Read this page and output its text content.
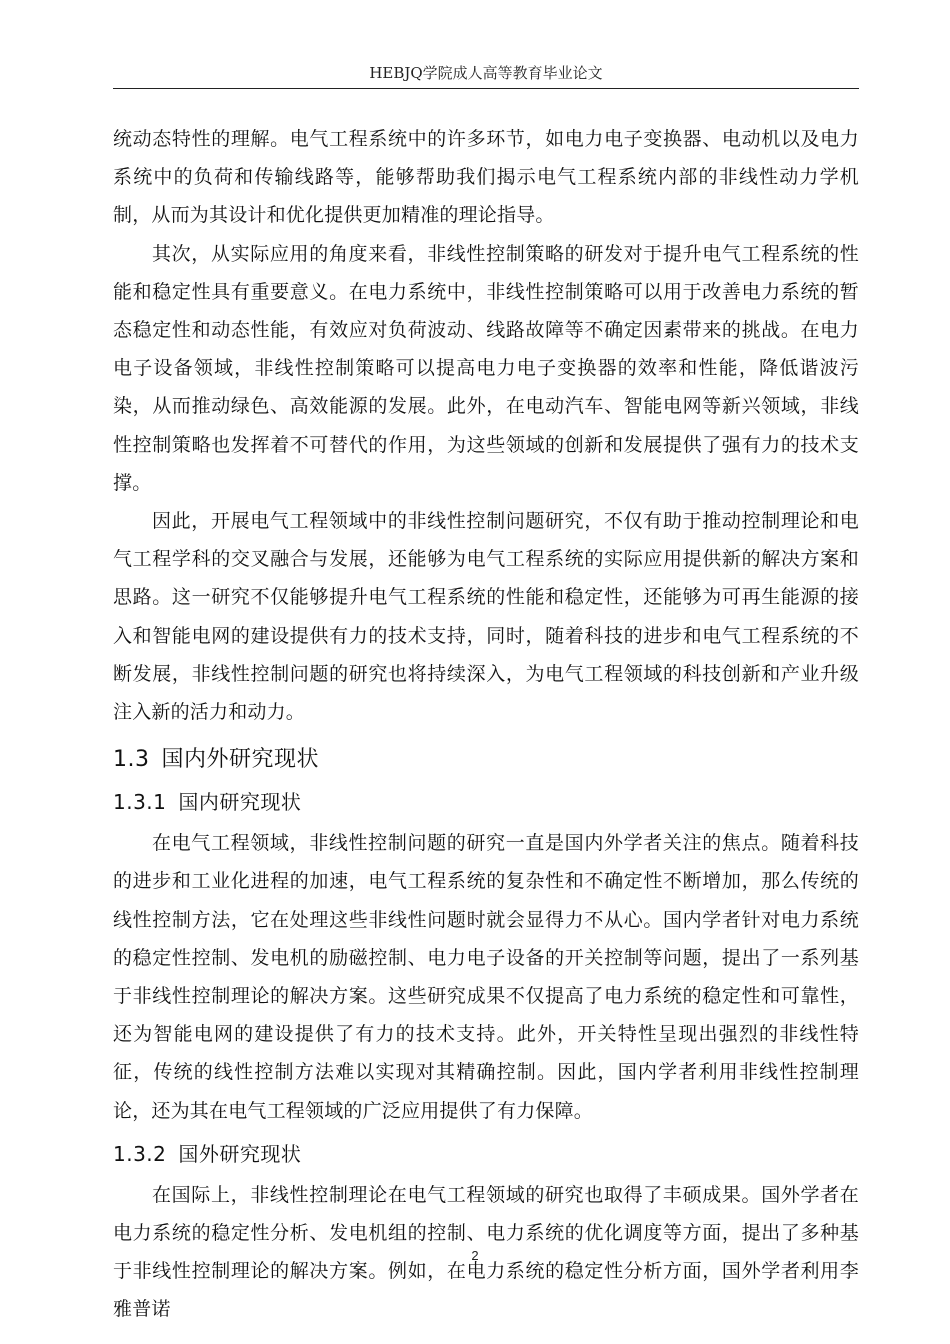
HEBJQ学院成人高等教育毕业论文

统动态特性的理解。电气工程系统中的许多环节，如电力电子变换器、电动机以及电力系统中的负荷和传输线路等，能够帮助我们揭示电气工程系统内部的非线性动力学机制，从而为其设计和优化提供更加精准的理论指导。

其次，从实际应用的角度来看，非线性控制策略的研发对于提升电气工程系统的性能和稳定性具有重要意义。在电力系统中，非线性控制策略可以用于改善电力系统的暂态稳定性和动态性能，有效应对负荷波动、线路故障等不确定因素带来的挑战。在电力电子设备领域，非线性控制策略可以提高电力电子变换器的效率和性能，降低谐波污染，从而推动绿色、高效能源的发展。此外，在电动汽车、智能电网等新兴领域，非线性控制策略也发挥着不可替代的作用，为这些领域的创新和发展提供了强有力的技术支撑。

因此，开展电气工程领域中的非线性控制问题研究，不仅有助于推动控制理论和电气工程学科的交叉融合与发展，还能够为电气工程系统的实际应用提供新的解决方案和思路。这一研究不仅能够提升电气工程系统的性能和稳定性，还能够为可再生能源的接入和智能电网的建设提供有力的技术支持，同时，随着科技的进步和电气工程系统的不断发展，非线性控制问题的研究也将持续深入，为电气工程领域的科技创新和产业升级注入新的活力和动力。

1.3 国内外研究现状
1.3.1 国内研究现状

在电气工程领域，非线性控制问题的研究一直是国内外学者关注的焦点。随着科技的进步和工业化进程的加速，电气工程系统的复杂性和不确定性不断增加，那么传统的线性控制方法，它在处理这些非线性问题时就会显得力不从心。国内学者针对电力系统的稳定性控制、发电机的励磁控制、电力电子设备的开关控制等问题，提出了一系列基于非线性控制理论的解决方案。这些研究成果不仅提高了电力系统的稳定性和可靠性，还为智能电网的建设提供了有力的技术支持。此外，开关特性呈现出强烈的非线性特征，传统的线性控制方法难以实现对其精确控制。因此，国内学者利用非线性控制理论，还为其在电气工程领域的广泛应用提供了有力保障。

1.3.2 国外研究现状

在国际上，非线性控制理论在电气工程领域的研究也取得了丰硕成果。国外学者在电力系统的稳定性分析、发电机组的控制、电力系统的优化调度等方面，提出了多种基于非线性控制理论的解决方案。例如，在电力系统的稳定性分析方面，国外学者利用李雅普诺

2
